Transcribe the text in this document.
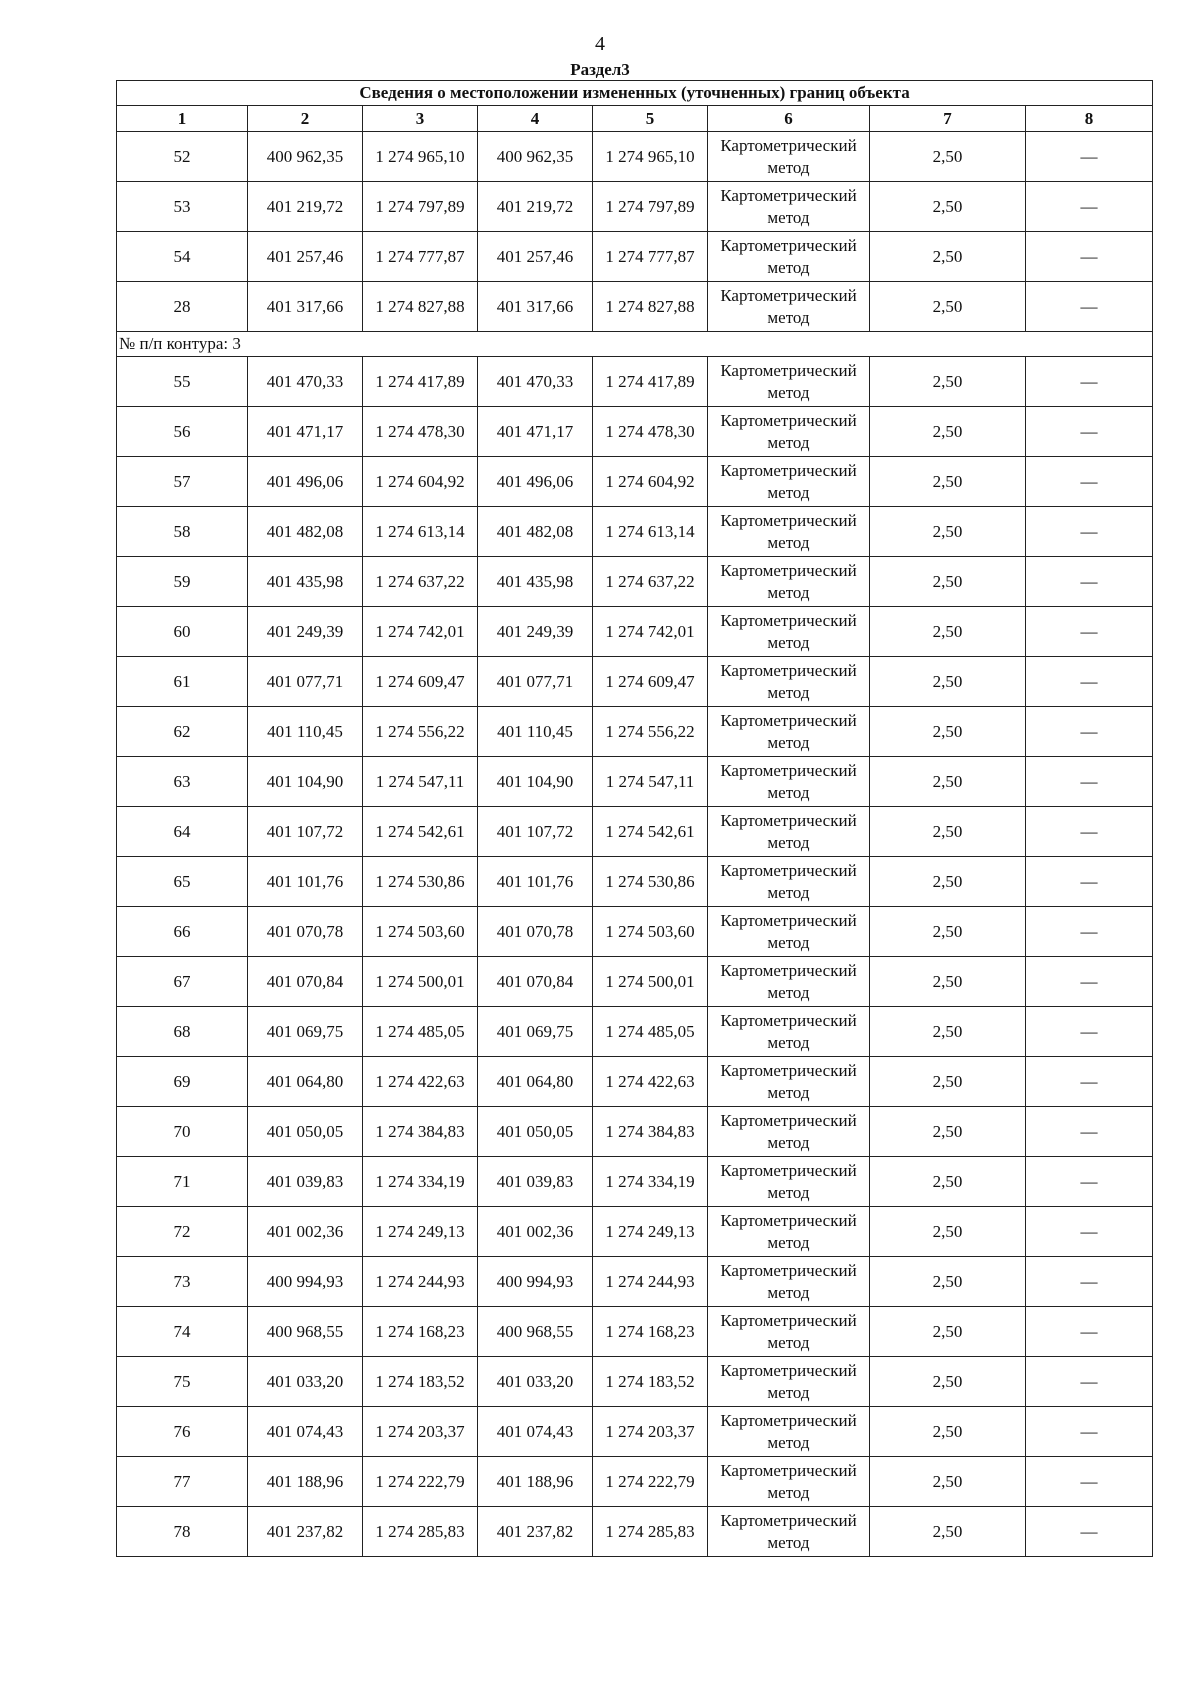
4
Раздел3
Сведения о местоположении измененных (уточненных) границ объекта							
1	2	3	4	5	6	7	8
52	400 962,35	1 274 965,10	400 962,35	1 274 965,10	Картометрический метод	2,50	—
53	401 219,72	1 274 797,89	401 219,72	1 274 797,89	Картометрический метод	2,50	—
54	401 257,46	1 274 777,87	401 257,46	1 274 777,87	Картометрический метод	2,50	—
28	401 317,66	1 274 827,88	401 317,66	1 274 827,88	Картометрический метод	2,50	—
№ п/п контура: 3							
55	401 470,33	1 274 417,89	401 470,33	1 274 417,89	Картометрический метод	2,50	—
56	401 471,17	1 274 478,30	401 471,17	1 274 478,30	Картометрический метод	2,50	—
57	401 496,06	1 274 604,92	401 496,06	1 274 604,92	Картометрический метод	2,50	—
58	401 482,08	1 274 613,14	401 482,08	1 274 613,14	Картометрический метод	2,50	—
59	401 435,98	1 274 637,22	401 435,98	1 274 637,22	Картометрический метод	2,50	—
60	401 249,39	1 274 742,01	401 249,39	1 274 742,01	Картометрический метод	2,50	—
61	401 077,71	1 274 609,47	401 077,71	1 274 609,47	Картометрический метод	2,50	—
62	401 110,45	1 274 556,22	401 110,45	1 274 556,22	Картометрический метод	2,50	—
63	401 104,90	1 274 547,11	401 104,90	1 274 547,11	Картометрический метод	2,50	—
64	401 107,72	1 274 542,61	401 107,72	1 274 542,61	Картометрический метод	2,50	—
65	401 101,76	1 274 530,86	401 101,76	1 274 530,86	Картометрический метод	2,50	—
66	401 070,78	1 274 503,60	401 070,78	1 274 503,60	Картометрический метод	2,50	—
67	401 070,84	1 274 500,01	401 070,84	1 274 500,01	Картометрический метод	2,50	—
68	401 069,75	1 274 485,05	401 069,75	1 274 485,05	Картометрический метод	2,50	—
69	401 064,80	1 274 422,63	401 064,80	1 274 422,63	Картометрический метод	2,50	—
70	401 050,05	1 274 384,83	401 050,05	1 274 384,83	Картометрический метод	2,50	—
71	401 039,83	1 274 334,19	401 039,83	1 274 334,19	Картометрический метод	2,50	—
72	401 002,36	1 274 249,13	401 002,36	1 274 249,13	Картометрический метод	2,50	—
73	400 994,93	1 274 244,93	400 994,93	1 274 244,93	Картометрический метод	2,50	—
74	400 968,55	1 274 168,23	400 968,55	1 274 168,23	Картометрический метод	2,50	—
75	401 033,20	1 274 183,52	401 033,20	1 274 183,52	Картометрический метод	2,50	—
76	401 074,43	1 274 203,37	401 074,43	1 274 203,37	Картометрический метод	2,50	—
77	401 188,96	1 274 222,79	401 188,96	1 274 222,79	Картометрический метод	2,50	—
78	401 237,82	1 274 285,83	401 237,82	1 274 285,83	Картометрический метод	2,50	—
